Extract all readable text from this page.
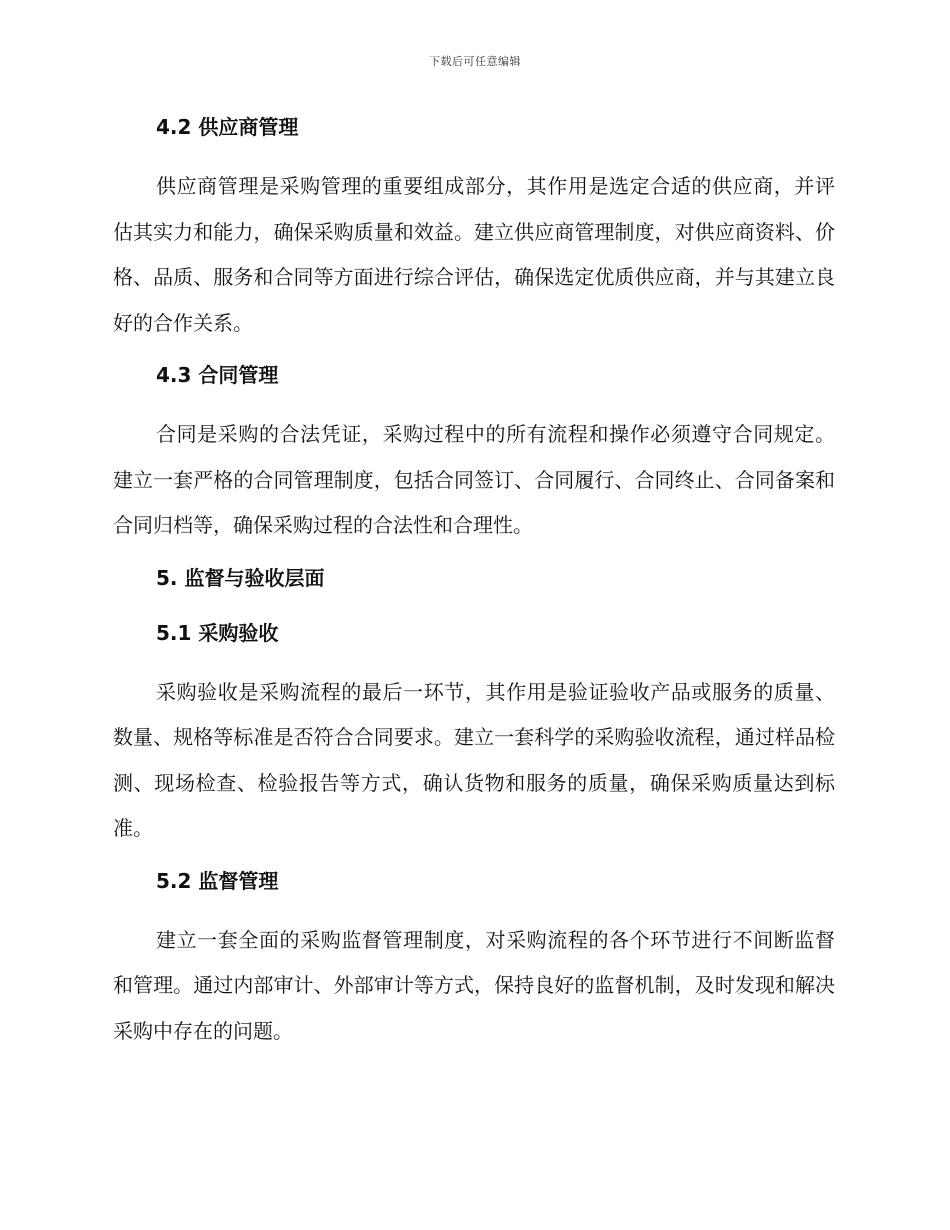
下载后可任意编辑
4.2 供应商管理

供应商管理是采购管理的重要组成部分，其作用是选定合适的供应商，并评估其实力和能力，确保采购质量和效益。建立供应商管理制度，对供应商资料、价格、品质、服务和合同等方面进行综合评估，确保选定优质供应商，并与其建立良好的合作关系。

4.3 合同管理

合同是采购的合法凭证，采购过程中的所有流程和操作必须遵守合同规定。建立一套严格的合同管理制度，包括合同签订、合同履行、合同终止、合同备案和合同归档等，确保采购过程的合法性和合理性。

5. 监督与验收层面
5.1 采购验收

采购验收是采购流程的最后一环节，其作用是验证验收产品或服务的质量、数量、规格等标准是否符合合同要求。建立一套科学的采购验收流程，通过样品检测、现场检查、检验报告等方式，确认货物和服务的质量，确保采购质量达到标准。

5.2 监督管理

建立一套全面的采购监督管理制度，对采购流程的各个环节进行不间断监督和管理。通过内部审计、外部审计等方式，保持良好的监督机制，及时发现和解决采购中存在的问题。
